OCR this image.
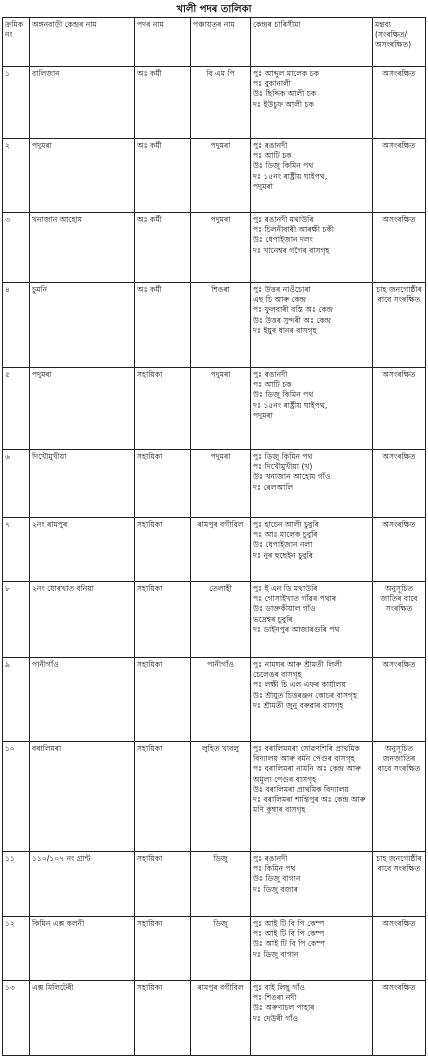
খালী পদৰ তালিকা
ক্ৰমিক নং	অঙ্গনবাড়ী কেন্দ্ৰৰ নাম	পদৰ নাম	পঞ্চায়তৰ নাম	কেন্দ্ৰৰ চাৰিসীমা	মন্তব্য (সংৰক্ষিত/ অসংৰক্ষিত)
১	বালিজান	অঃ কৰ্মী	বি এম পি	পুঃ আব্দুল মালেক চক
পঃ বুকানালী
উঃ ছিদ্দিক আলী চক
দঃ ইউচুফ আলী চক	অসংৰক্ষিত
২	পদুমৰা	অঃ কৰ্মী	পদুমৰা	পুঃ ৰঙানদী
পঃ আটি চক
উঃ ডিজু কিমিন পথ
দঃ ১৫নং ৰাষ্ট্ৰীয় ঘাইপথ,
পদুমৰা	অসংৰক্ষিত
৩	খনাজান আহোম	অঃ কৰ্মী	পদুমৰা	পুঃ ৰঙানদী মথাউৰি
পঃ চিলনীবাৰী আৰক্ষী চকী
উঃ ধেপাইজান দলং
দঃ খানেশ্বৰ গগৈৰ বাসগৃহ	অসংৰক্ষিত
৪	চুমনি	অঃ কৰ্মী	শিঙৰা	পুঃ উত্তৰ নাওঁচোৰা
এছ চি আৰু কেন্দ্ৰ
পঃ ফুলবাৰী বস্তি অঃ কেন্দ্ৰ
উঃ উত্তৰ সুন্দৰী অঃ কেন্দ্ৰ
দঃ ইয়ুৰ ধানৰ বাসগৃহ	চাহ জনগোষ্ঠীৰ বাবে সংৰক্ষিত
৫	পদুমৰা	সহায়িকা	পদুমৰা	পুঃ ৰঙানদী
পঃ আটি চক
উঃ ডিজু কিমিন পথ
দঃ ১৫নং ৰাষ্ট্ৰীয় ঘাইপথ,
পদুমৰা	অসংৰক্ষিত
৬	দিখৌমুখীয়া	সহায়িকা	পদুমৰা	পুঃ ডিজু কিমিন পথ
পঃ দিখৌমুখীয়া (খ)
উঃ খনাজান আহোম গাঁও
দঃ ৰেলআলি	অসংৰক্ষিত
৭	২নং ৰামপুৰ	সহায়িকা	ৰামপুৰ বগীবিল	পুঃ হাচেন আলী চুবুৰি
পঃ আঃ মালেক চুবুৰি
উঃ ধেপাইজান নলা
দঃ নুৰ হুছেইন চুবুৰি	অসংৰক্ষিত
৮	২নং যোৰখাত বনিয়া	সহায়িকা	তেলাহী	পুঃ ই এন ডি মথাউৰি
পঃ গোসাইখাত গাঁৱৰ পথাৰ
উঃ ডাক্তকীয়াল গাঁও
ভদ্ৰেশ্বৰ চুবুৰি
দঃ ডাইনপুৰ আজাৰগুৰি পথ	অনুসূচিত জাতিৰ বাবে সংৰক্ষিত
৯	পানীগাঁও	সহায়িকা	পানীগাঁও	পুঃ নামঘৰ আৰু শ্ৰীমতী লিলী চেলেঙৰ বাসগৃহ
পঃ লক্ষী চি এল এফৰ কাৰ্যালয়
উঃ শ্ৰীযুত চিত্তৰঞ্জন কোচৰ বাসগৃহ
দঃ শ্ৰীমতী জুনু বৰুৱাৰ বাসগৃহ	অসংৰক্ষিত
১০	বৰালিমৰা	সহায়িকা	লুহিত খাবলু	পুঃ বৰালিমমৰা সোৱণশিৰি প্ৰাথমিক বিদ্যালয় আৰু বৰ্মন পেগুৰ বাসগৃহ
পঃ বৰালিমৰা নামনি অঃ কেন্দ্ৰ আৰু অমূল্য পেগুৰ বাসগৃহ
উঃ বৰালিমৰা প্ৰাথমিক বিদ্যালয়
দঃ বৰালিমৰা শান্তিপুৰ অঃ কেন্দ্ৰ আৰু মণি কুম্বাৰ বাসগৃহ	অনুসূচিত জনজাতিৰ বাবে সংৰক্ষিত
১১	১১০/১০৭ নং গ্ৰান্ট	সহায়িকা	ডিজু	পুঃ ৰঙানদী
পঃ কিমিন পথ
উঃ ডিজু বাগান
দঃ ডিজু বজাৰ	চাহ জনগোষ্ঠীৰ বাবে সংৰক্ষিত
১২	কিমিন এক্স কলনী	সহায়িকা	ডিজু	পুঃ আই টি বি পি কেম্প
পঃ আই টি বি পি কেম্প
উঃ আই টি বি পি কেম্প
দঃ ডিজু বাগান	অসংৰক্ষিত
১৩	এক্স মিলিটেৰী	সহায়িকা	ৰামপুৰ বগীবিল	পুঃ বাই লিছু গাঁও
পঃ শিঙৰা নদী
উঃ অৰুণাচল পাহাৰ
দঃ দেউৰী গাঁও	অসংৰক্ষিত
